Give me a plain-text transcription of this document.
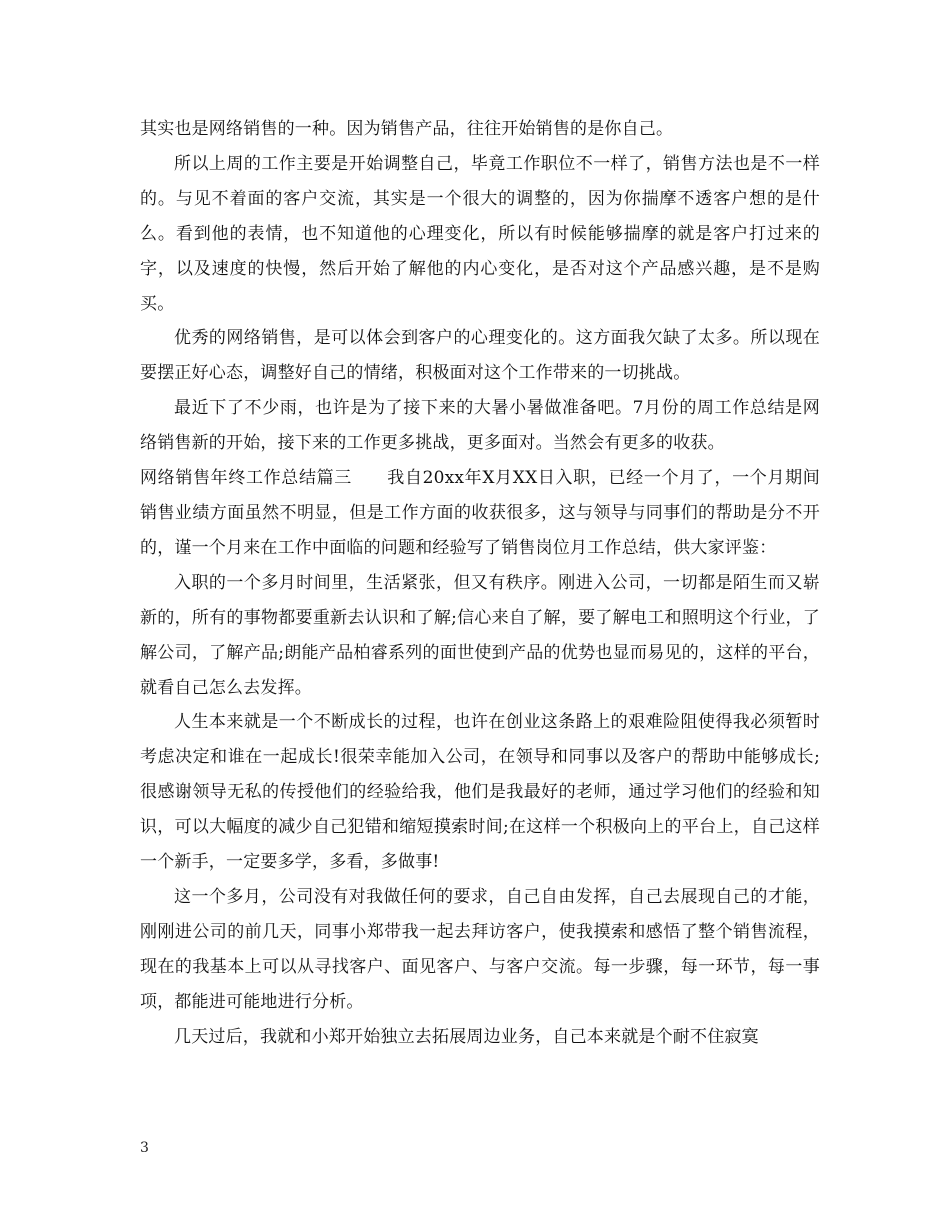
其实也是网络销售的一种。因为销售产品，往往开始销售的是你自己。

所以上周的工作主要是开始调整自己，毕竟工作职位不一样了，销售方法也是不一样的。与见不着面的客户交流，其实是一个很大的调整的，因为你揣摩不透客户想的是什么。看到他的表情，也不知道他的心理变化，所以有时候能够揣摩的就是客户打过来的字，以及速度的快慢，然后开始了解他的内心变化，是否对这个产品感兴趣，是不是购买。

优秀的网络销售，是可以体会到客户的心理变化的。这方面我欠缺了太多。所以现在要摆正好心态，调整好自己的情绪，积极面对这个工作带来的一切挑战。

最近下了不少雨，也许是为了接下来的大暑小暑做准备吧。7月份的周工作总结是网络销售新的开始，接下来的工作更多挑战，更多面对。当然会有更多的收获。

网络销售年终工作总结篇三　　我自20xx年X月XX日入职，已经一个月了，一个月期间销售业绩方面虽然不明显，但是工作方面的收获很多，这与领导与同事们的帮助是分不开的，谨一个月来在工作中面临的问题和经验写了销售岗位月工作总结，供大家评鉴：

入职的一个多月时间里，生活紧张，但又有秩序。刚进入公司，一切都是陌生而又崭新的，所有的事物都要重新去认识和了解;信心来自了解，要了解电工和照明这个行业，了解公司，了解产品;朗能产品柏睿系列的面世使到产品的优势也显而易见的，这样的平台，就看自己怎么去发挥。

人生本来就是一个不断成长的过程，也许在创业这条路上的艰难险阻使得我必须暂时考虑决定和谁在一起成长!很荣幸能加入公司，在领导和同事以及客户的帮助中能够成长;很感谢领导无私的传授他们的经验给我，他们是我最好的老师，通过学习他们的经验和知识，可以大幅度的减少自己犯错和缩短摸索时间;在这样一个积极向上的平台上，自己这样一个新手，一定要多学，多看，多做事!

这一个多月，公司没有对我做任何的要求，自己自由发挥，自己去展现自己的才能，刚刚进公司的前几天，同事小郑带我一起去拜访客户，使我摸索和感悟了整个销售流程，现在的我基本上可以从寻找客户、面见客户、与客户交流。每一步骤，每一环节，每一事项，都能进可能地进行分析。

几天过后，我就和小郑开始独立去拓展周边业务，自己本来就是个耐不住寂寞

3
